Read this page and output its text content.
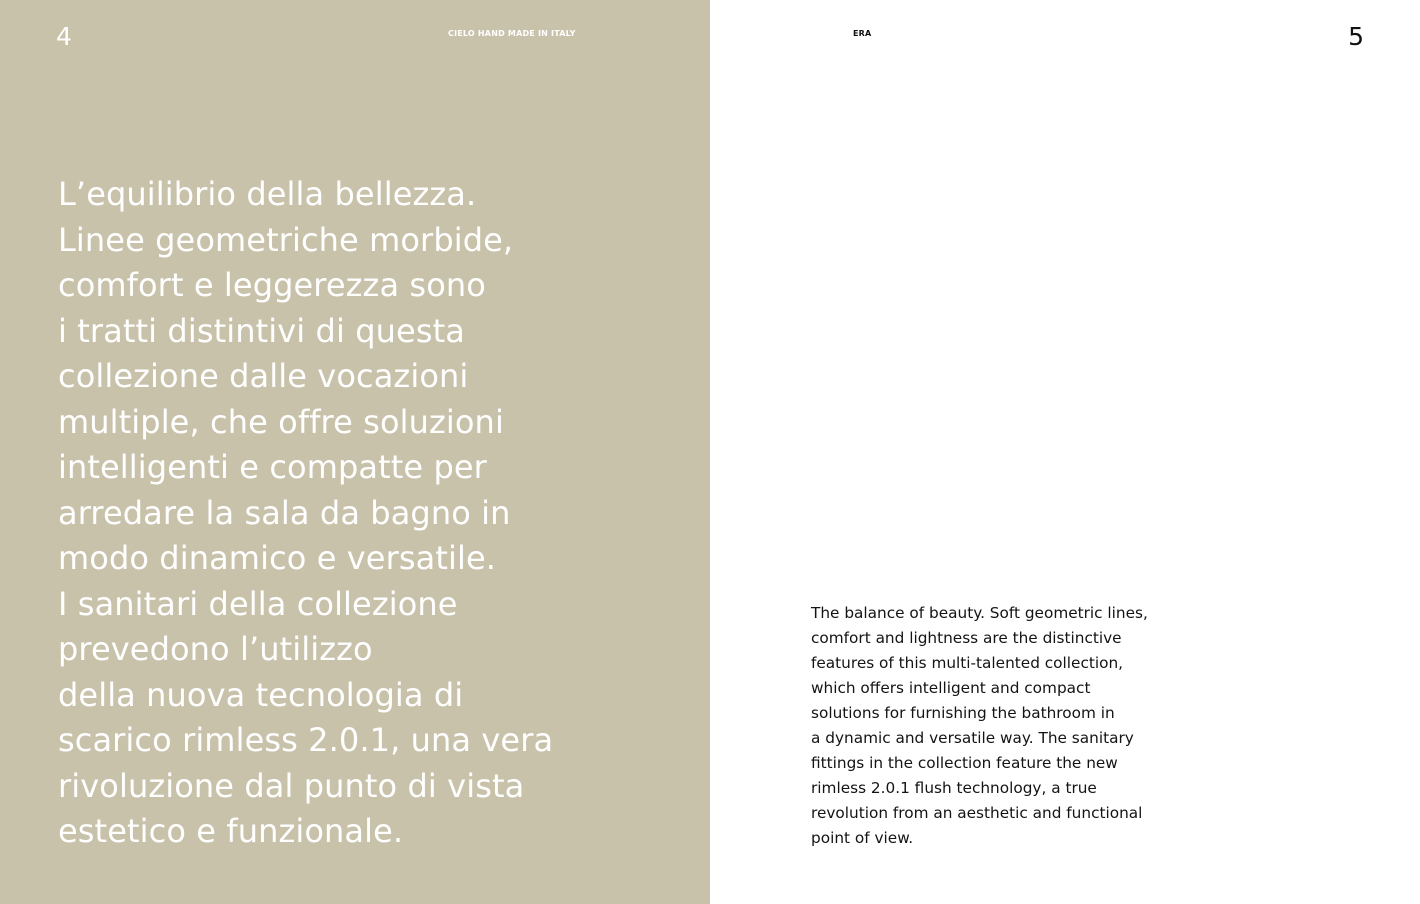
4	CIELO HAND MADE IN ITALY

L’equilibrio della bellezza.
Linee geometriche morbide,
comfort e leggerezza sono
i tratti distintivi di questa
collezione dalle vocazioni
multiple, che offre soluzioni
intelligenti e compatte per
arredare la sala da bagno in
modo dinamico e versatile.
I sanitari della collezione
prevedono l’utilizzo
della nuova tecnologia di
scarico rimless 2.0.1, una vera
rivoluzione dal punto di vista
estetico e funzionale.

ERA	5

The balance of beauty. Soft geometric lines,
comfort and lightness are the distinctive
features of this multi-talented collection,
which offers intelligent and compact
solutions for furnishing the bathroom in
a dynamic and versatile way. The sanitary
fittings in the collection feature the new
rimless 2.0.1 flush technology, a true
revolution from an aesthetic and functional
point of view.
